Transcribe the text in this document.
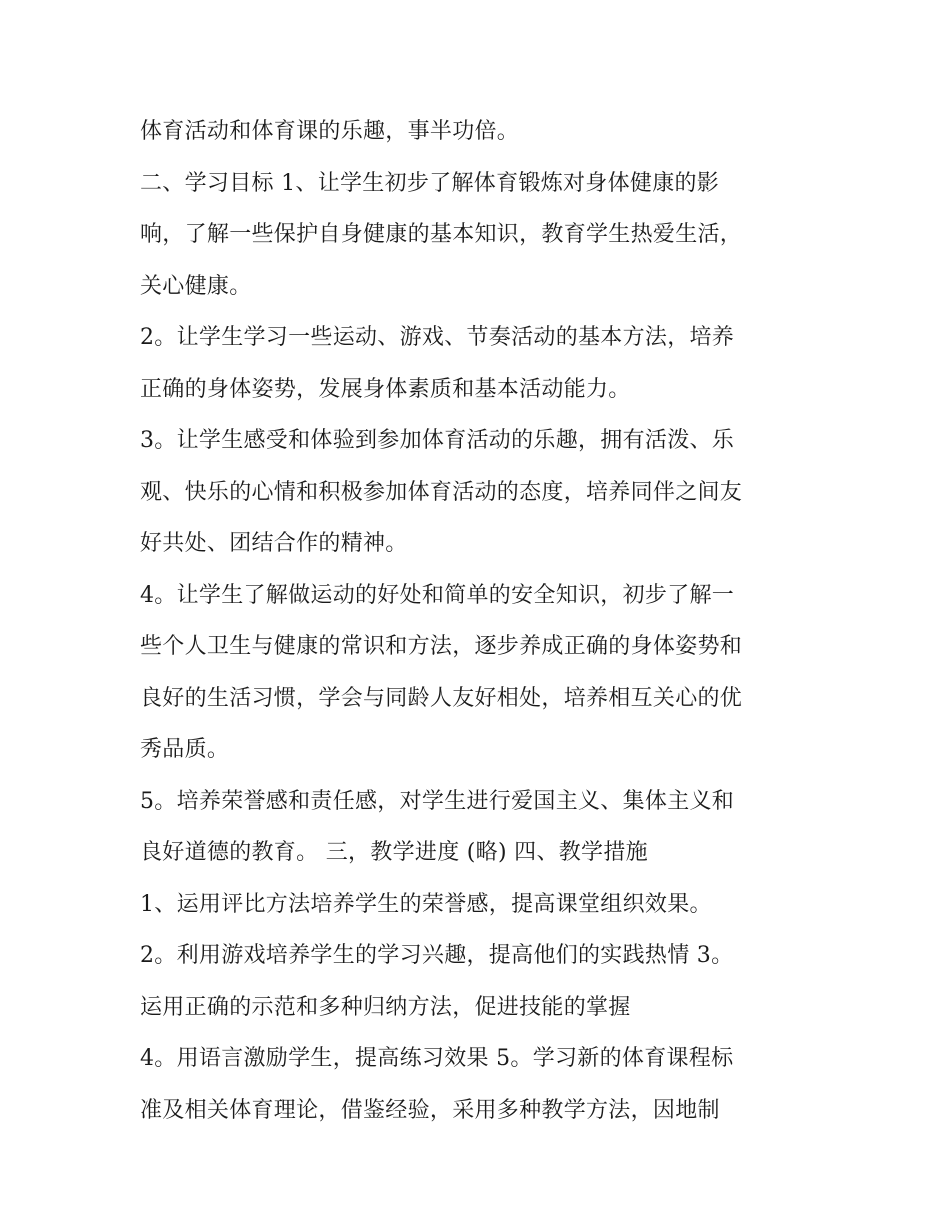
体育活动和体育课的乐趣，事半功倍。
二、学习目标 1、让学生初步了解体育锻炼对身体健康的影
响，了解一些保护自身健康的基本知识，教育学生热爱生活，
关心健康。
2。让学生学习一些运动、游戏、节奏活动的基本方法，培养
正确的身体姿势，发展身体素质和基本活动能力。
3。让学生感受和体验到参加体育活动的乐趣，拥有活泼、乐
观、快乐的心情和积极参加体育活动的态度，培养同伴之间友
好共处、团结合作的精神。
4。让学生了解做运动的好处和简单的安全知识，初步了解一
些个人卫生与健康的常识和方法，逐步养成正确的身体姿势和
良好的生活习惯，学会与同龄人友好相处，培养相互关心的优
秀品质。
5。培养荣誉感和责任感，对学生进行爱国主义、集体主义和
良好道德的教育。 三，教学进度 (略) 四、教学措施
1、运用评比方法培养学生的荣誉感，提高课堂组织效果。
2。利用游戏培养学生的学习兴趣，提高他们的实践热情 3。
运用正确的示范和多种归纳方法，促进技能的掌握
4。用语言激励学生，提高练习效果 5。学习新的体育课程标
准及相关体育理论，借鉴经验，采用多种教学方法，因地制
